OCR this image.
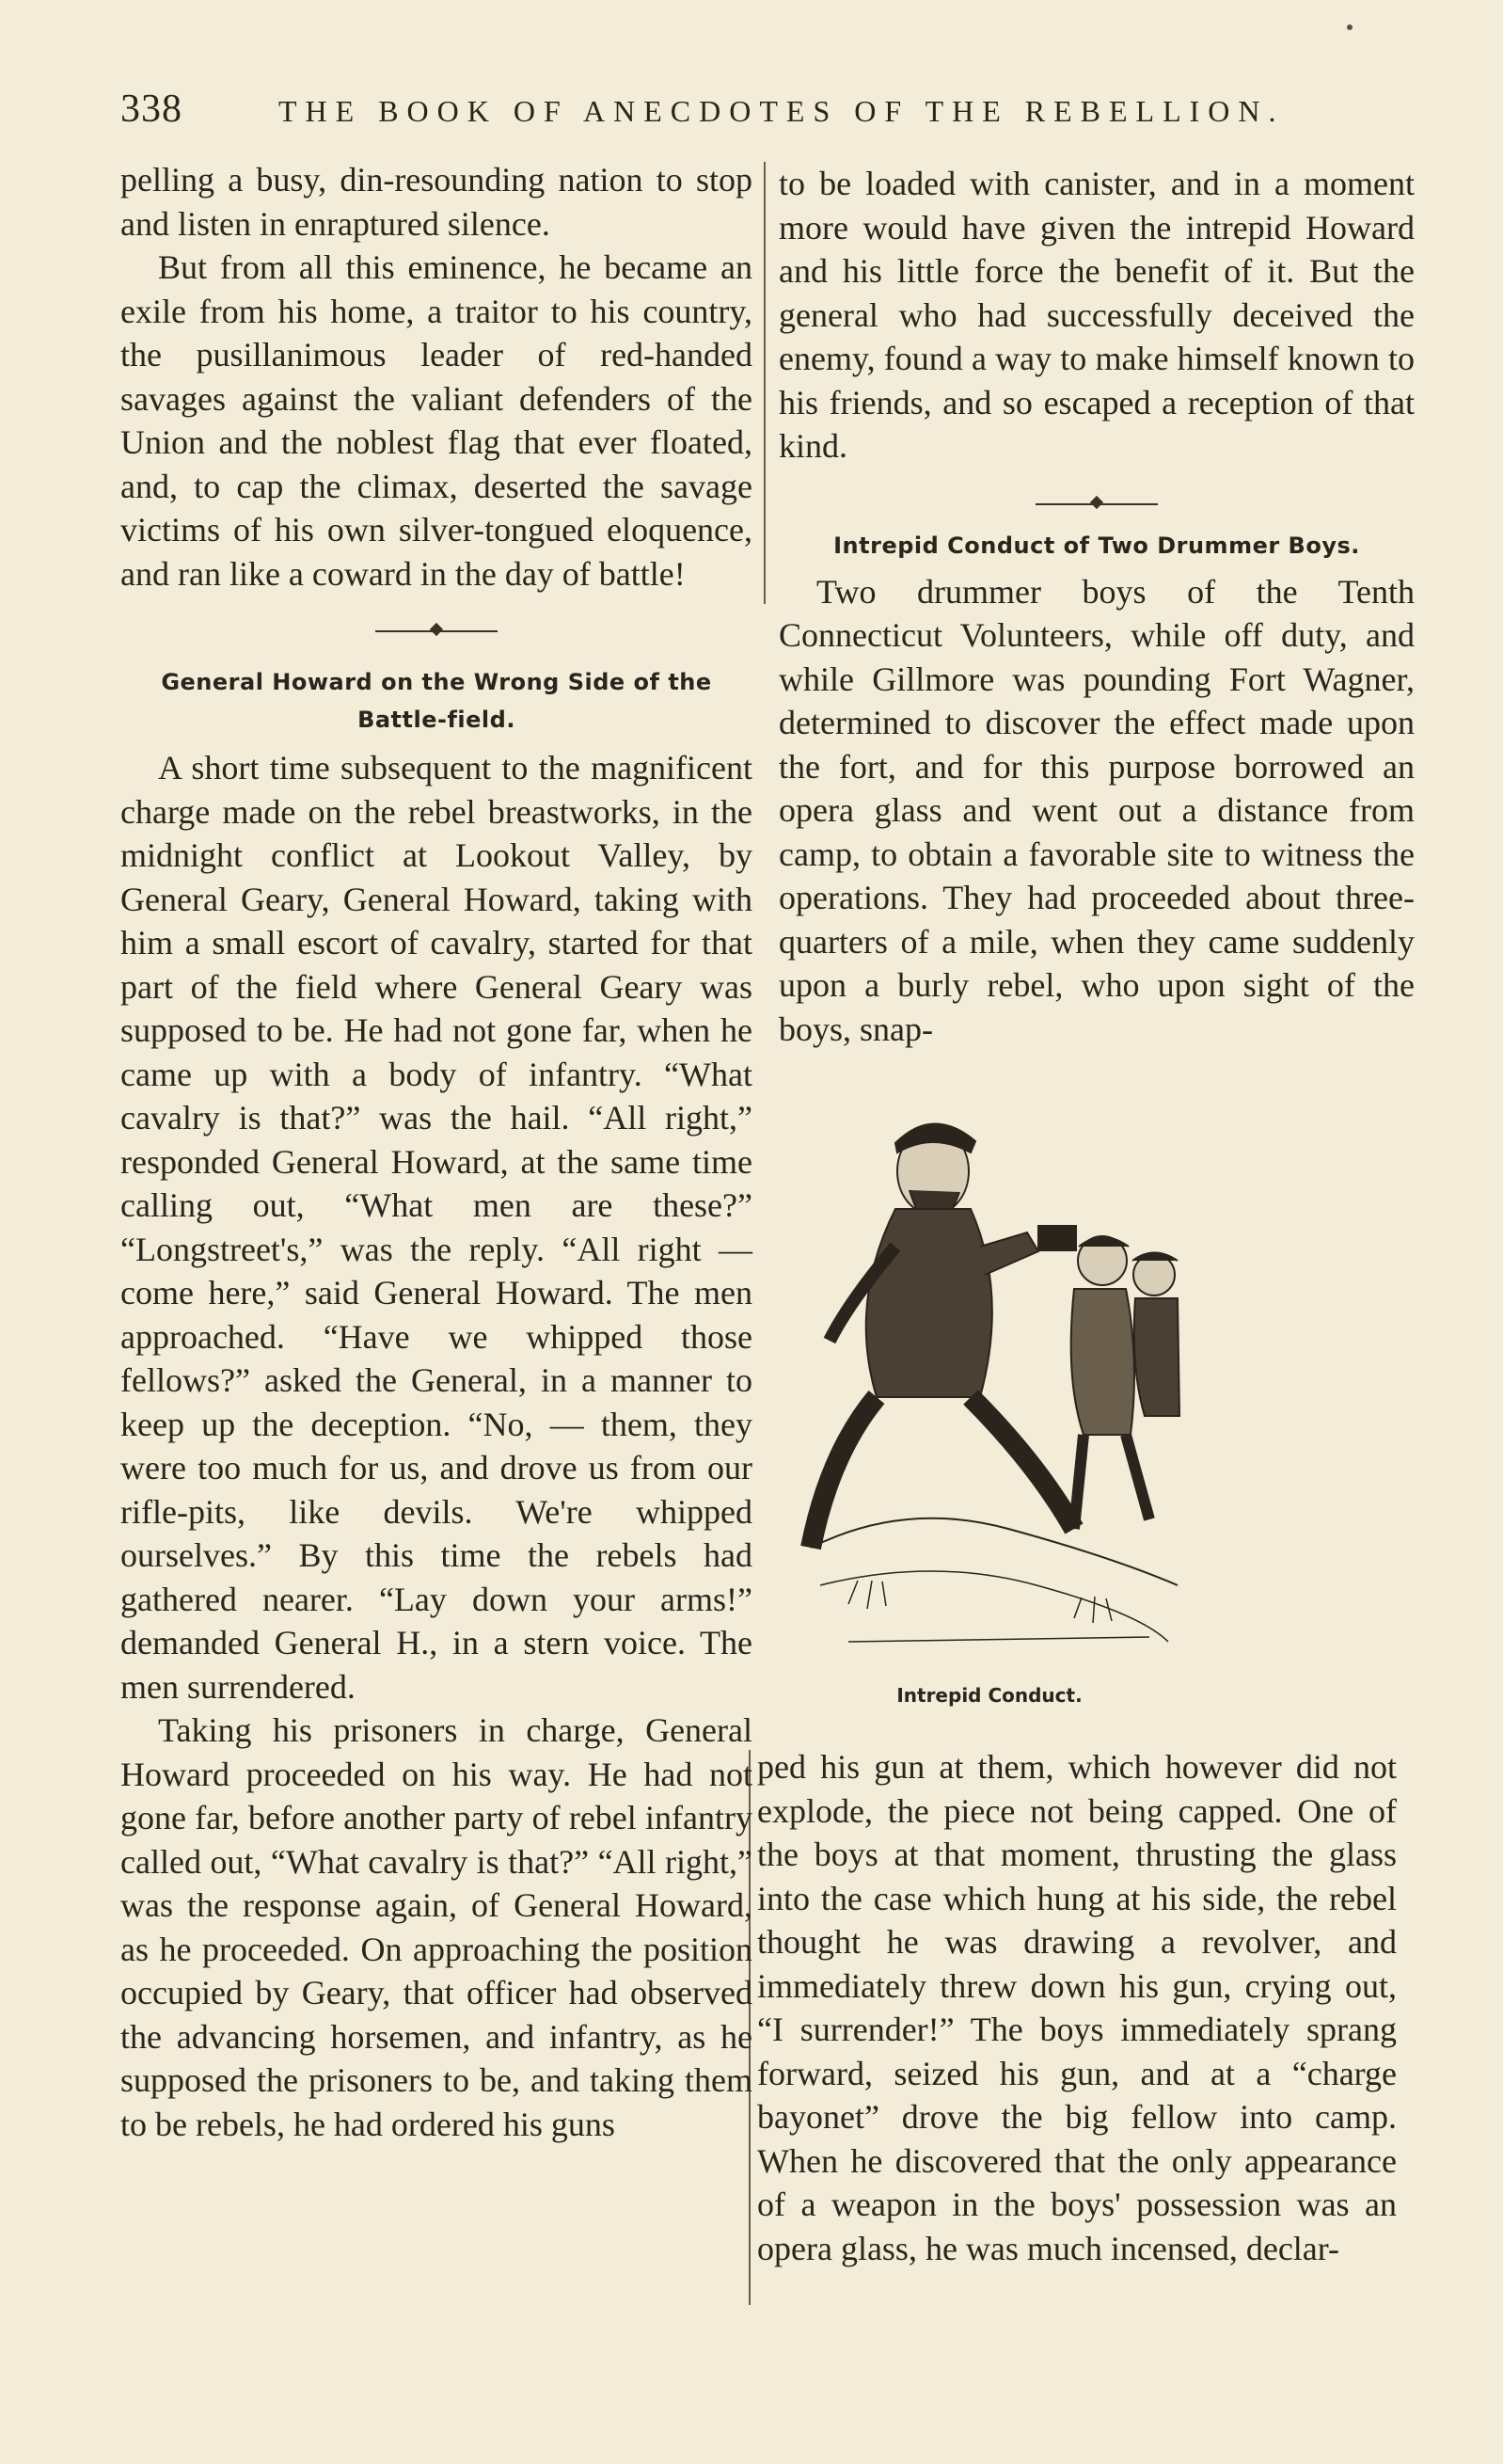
338	THE BOOK OF ANECDOTES OF THE REBELLION.

pelling a busy, din-resounding nation to stop and listen in enraptured silence.

But from all this eminence, he became an exile from his home, a traitor to his country, the pusillanimous leader of red-handed savages against the valiant defenders of the Union and the noblest flag that ever floated, and, to cap the climax, deserted the savage victims of his own silver-tongued eloquence, and ran like a coward in the day of battle!

General Howard on the Wrong Side of the Battle-field.

A short time subsequent to the magnificent charge made on the rebel breastworks, in the midnight conflict at Lookout Valley, by General Geary, General Howard, taking with him a small escort of cavalry, started for that part of the field where General Geary was supposed to be. He had not gone far, when he came up with a body of infantry. “What cavalry is that?” was the hail. “All right,” responded General Howard, at the same time calling out, “What men are these?” “Longstreet's,” was the reply. “All right —come here,” said General Howard. The men approached. “Have we whipped those fellows?” asked the General, in a manner to keep up the deception. “No, — them, they were too much for us, and drove us from our rifle-pits, like devils. We're whipped ourselves.” By this time the rebels had gathered nearer. “Lay down your arms!” demanded General H., in a stern voice. The men surrendered.

Taking his prisoners in charge, General Howard proceeded on his way. He had not gone far, before another party of rebel infantry called out, “What cavalry is that?” “All right,” was the response again, of General Howard, as he proceeded. On approaching the position occupied by Geary, that officer had observed the advancing horsemen, and infantry, as he supposed the prisoners to be, and taking them to be rebels, he had ordered his guns

to be loaded with canister, and in a moment more would have given the intrepid Howard and his little force the benefit of it. But the general who had successfully deceived the enemy, found a way to make himself known to his friends, and so escaped a reception of that kind.

Intrepid Conduct of Two Drummer Boys.

Two drummer boys of the Tenth Connecticut Volunteers, while off duty, and while Gillmore was pounding Fort Wagner, determined to discover the effect made upon the fort, and for this purpose borrowed an opera glass and went out a distance from camp, to obtain a favorable site to witness the operations. They had proceeded about three-quarters of a mile, when they came suddenly upon a burly rebel, who upon sight of the boys, snap-

Intrepid Conduct.

ped his gun at them, which however did not explode, the piece not being capped. One of the boys at that moment, thrusting the glass into the case which hung at his side, the rebel thought he was drawing a revolver, and immediately threw down his gun, crying out, “I surrender!” The boys immediately sprang forward, seized his gun, and at a “charge bayonet” drove the big fellow into camp. When he discovered that the only appearance of a weapon in the boys' possession was an opera glass, he was much incensed, declar-
